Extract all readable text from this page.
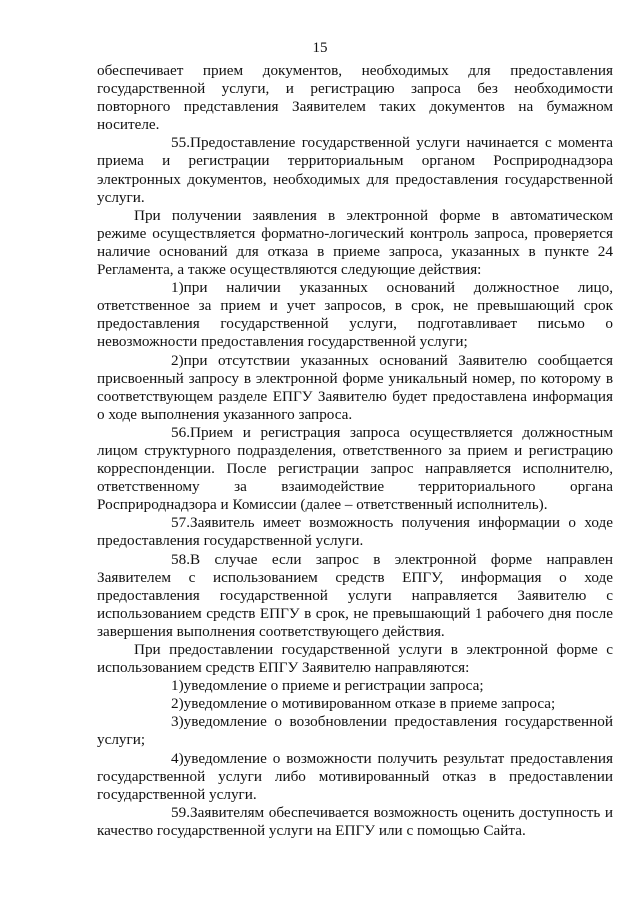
15

обеспечивает прием документов, необходимых для предоставления государственной услуги, и регистрацию запроса без необходимости повторного представления Заявителем таких документов на бумажном носителе.

55.Предоставление государственной услуги начинается с момента приема и регистрации территориальным органом Росприроднадзора электронных документов, необходимых для предоставления государственной услуги.

При получении заявления в электронной форме в автоматическом режиме осуществляется форматно-логический контроль запроса, проверяется наличие оснований для отказа в приеме запроса, указанных в пункте 24 Регламента, а также осуществляются следующие действия:

1)при наличии указанных оснований должностное лицо, ответственное за прием и учет запросов, в срок, не превышающий срок предоставления государственной услуги, подготавливает письмо о невозможности предоставления государственной услуги;

2)при отсутствии указанных оснований Заявителю сообщается присвоенный запросу в электронной форме уникальный номер, по которому в соответствующем разделе ЕПГУ Заявителю будет предоставлена информация о ходе выполнения указанного запроса.

56.Прием и регистрация запроса осуществляется должностным лицом структурного подразделения, ответственного за прием и регистрацию корреспонденции. После регистрации запрос направляется исполнителю, ответственному за взаимодействие территориального органа Росприроднадзора и Комиссии (далее – ответственный исполнитель).

57.Заявитель имеет возможность получения информации о ходе предоставления государственной услуги.

58.В случае если запрос в электронной форме направлен Заявителем с использованием средств ЕПГУ, информация о ходе предоставления государственной услуги направляется Заявителю с использованием средств ЕПГУ в срок, не превышающий 1 рабочего дня после завершения выполнения соответствующего действия.

При предоставлении государственной услуги в электронной форме с использованием средств ЕПГУ Заявителю направляются:

1)уведомление о приеме и регистрации запроса;

2)уведомление о мотивированном отказе в приеме запроса;

3)уведомление о возобновлении предоставления государственной услуги;

4)уведомление о возможности получить результат предоставления государственной услуги либо мотивированный отказ в предоставлении государственной услуги.

59.Заявителям обеспечивается возможность оценить доступность и качество государственной услуги на ЕПГУ или с помощью Сайта.
